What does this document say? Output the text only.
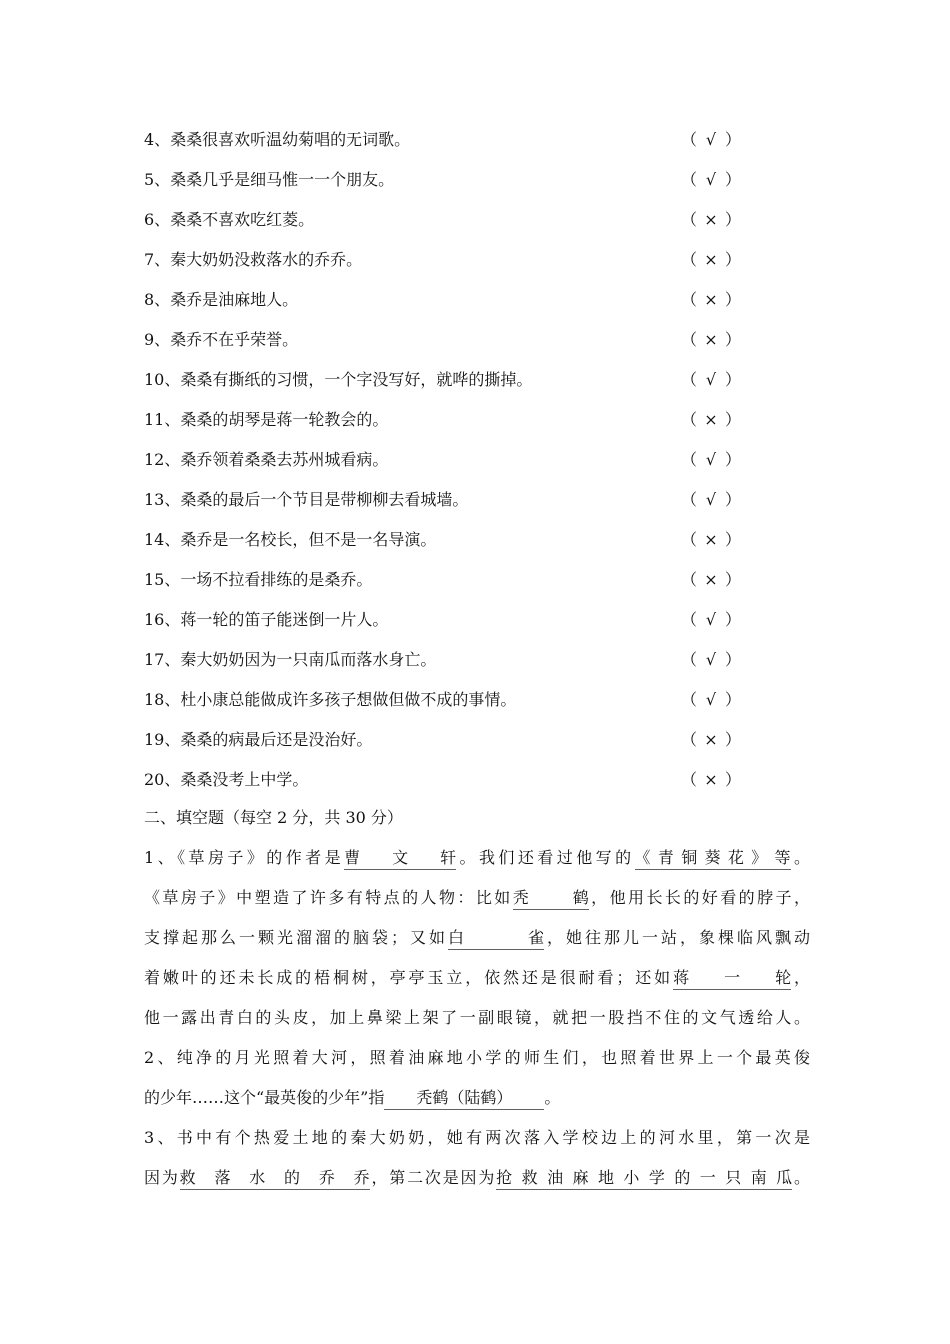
4、桑桑很喜欢听温幼菊唱的无词歌。	（ √ ）
5、桑桑几乎是细马惟一一个朋友。	（ √ ）
6、桑桑不喜欢吃红菱。	（ × ）
7、秦大奶奶没救落水的乔乔。	（ × ）
8、桑乔是油麻地人。	（ × ）
9、桑乔不在乎荣誉。	（ × ）
10、桑桑有撕纸的习惯，一个字没写好，就哗的撕掉。	（ √ ）
11、桑桑的胡琴是蒋一轮教会的。	（ × ）
12、桑乔领着桑桑去苏州城看病。	（ √ ）
13、桑桑的最后一个节目是带柳柳去看城墙。	（ √ ）
14、桑乔是一名校长，但不是一名导演。	（ × ）
15、一场不拉看排练的是桑乔。	（ × ）
16、蒋一轮的笛子能迷倒一片人。	（ √ ）
17、秦大奶奶因为一只南瓜而落水身亡。	（ √ ）
18、杜小康总能做成许多孩子想做但做不成的事情。	（ √ ）
19、桑桑的病最后还是没治好。	（ × ）
20、桑桑没考上中学。	（ × ）
二、填空题（每空 2 分，共 30 分）
1、《草房子》的作者是曹文轩。我们还看过他写的《青铜葵花》等。
《草房子》中塑造了许多有特点的人物：比如秃鹤，他用长长的好看的脖子，
支撑起那么一颗光溜溜的脑袋；又如白雀，她往那儿一站，象棵临风飘动
着嫩叶的还未长成的梧桐树，亭亭玉立，依然还是很耐看；还如蒋一轮，
他一露出青白的头皮，加上鼻梁上架了一副眼镜，就把一股挡不住的文气透给人。
2、纯净的月光照着大河，照着油麻地小学的师生们，也照着世界上一个最英俊
的少年……这个“最英俊的少年”指 秃鹤（陆鹤） 。
3、书中有个热爱土地的秦大奶奶，她有两次落入学校边上的河水里，第一次是
因为救落水的乔乔，第二次是因为抢救油麻地小学的一只南瓜。
